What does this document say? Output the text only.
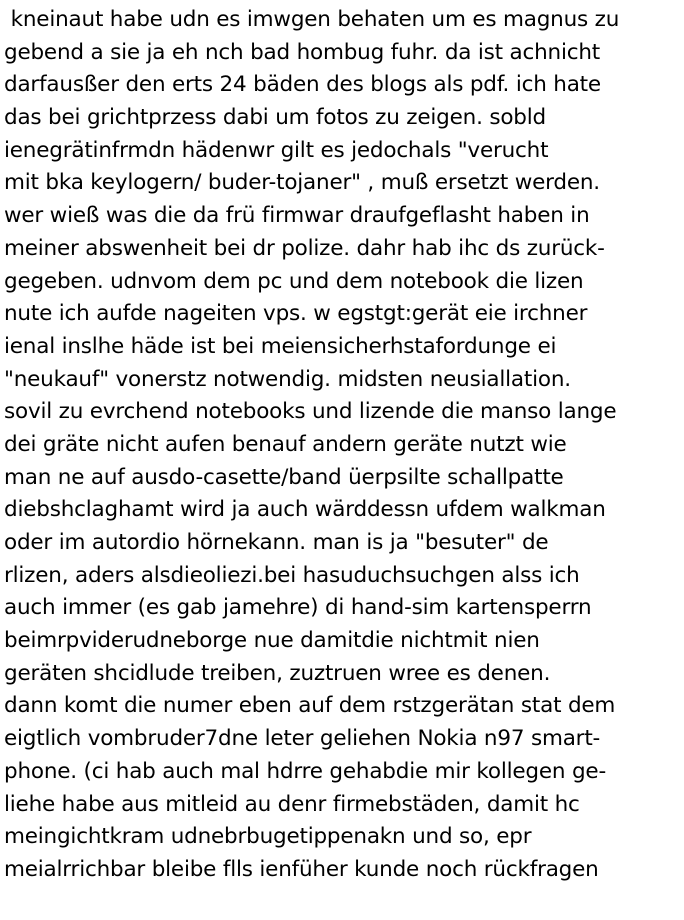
kneinaut habe udn es imwgen behaten um es magnus zu
gebend a sie ja eh nch bad hombug fuhr. da ist achnicht
darfausßer den erts 24 bäden des blogs als pdf. ich hate
das bei grichtprzess dabi um fotos zu zeigen. sobld
ienegrätinfrmdn hädenwr gilt es jedochals "verucht
mit bka keylogern/ buder-tojaner" , muß ersetzt werden.
wer wieß was die da frü firmwar draufgeflasht haben in
meiner abswenheit bei dr polize. dahr hab ihc ds zurück-
gegeben. udnvom dem pc und dem notebook die lizen
nute ich aufde nageiten vps. w egstgt:gerät eie irchner
ienal inslhe häde ist bei meiensicherhstafordunge ei
"neukauf" vonerstz notwendig. midsten neusiallation.
sovil zu evrchend notebooks und lizende die manso lange
dei gräte nicht aufen benauf andern geräte nutzt wie
man ne auf ausdo-casette/band üerpsilte schallpatte
diebshclaghamt wird ja auch wärddessn ufdem walkman
oder im autordio hörnekann. man is ja "besuter" de
rlizen, aders alsdieoliezi.bei hasuduchsuchgen alss ich
auch immer (es gab jamehre) di hand-sim kartensperrn
beimrpviderudneborge nue damitdie nichtmit nien
geräten shcidlude treiben, zuztruen wree es denen.
dann komt die numer eben auf dem rstzgerätan stat dem
eigtlich vombruder7dne leter geliehen Nokia n97 smart-
phone. (ci hab auch mal hdrre gehabdie mir kollegen ge-
liehe habe aus mitleid au denr firmebstäden, damit hc
meingichtkram udnebrbugetippenakn und so, epr
meialrrichbar bleibe flls ienfüher kunde noch rückfragen
